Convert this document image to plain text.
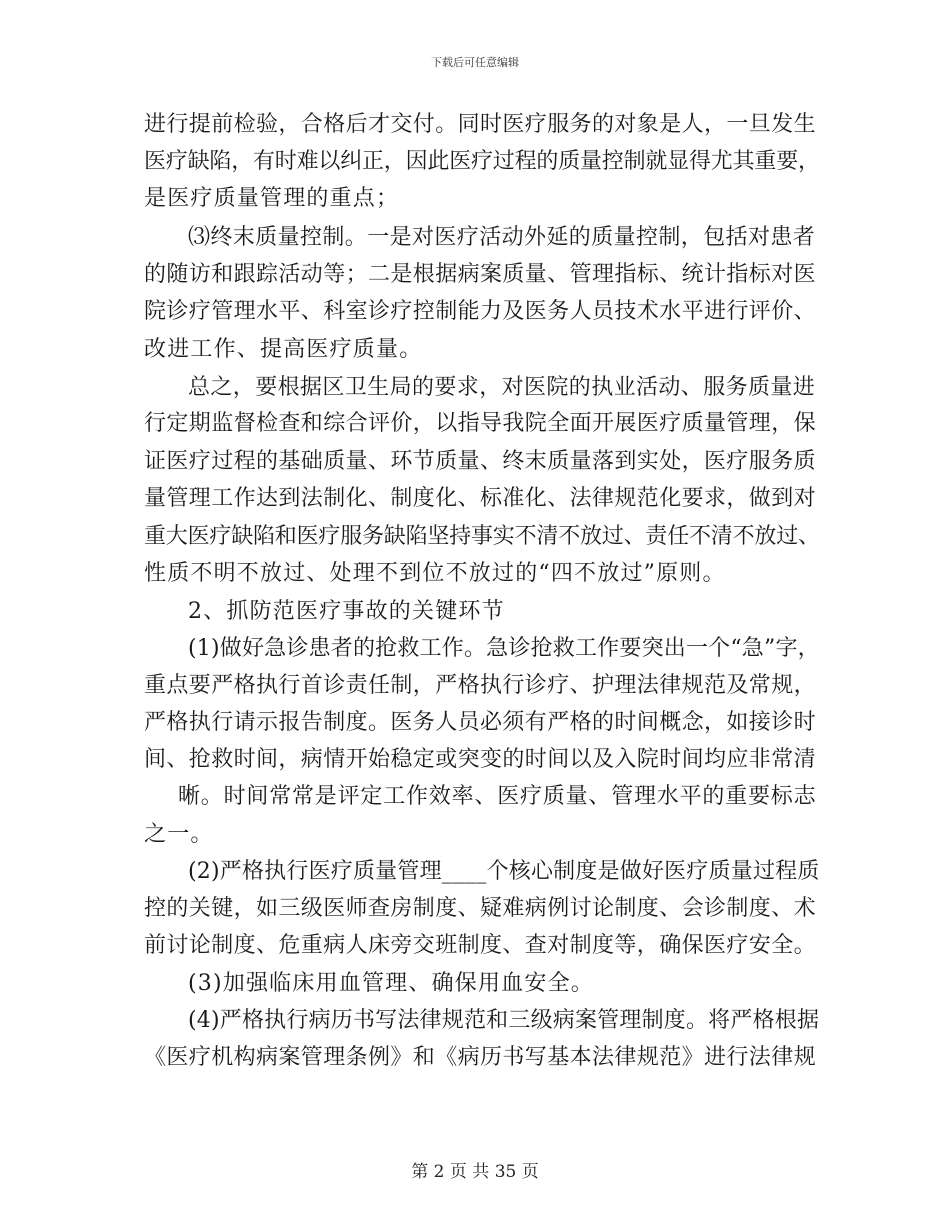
下载后可任意编辑
进行提前检验，合格后才交付。同时医疗服务的对象是人，一旦发生
医疗缺陷，有时难以纠正，因此医疗过程的质量控制就显得尤其重要，
是医疗质量管理的重点；
⑶终末质量控制。一是对医疗活动外延的质量控制，包括对患者
的随访和跟踪活动等；二是根据病案质量、管理指标、统计指标对医
院诊疗管理水平、科室诊疗控制能力及医务人员技术水平进行评价、
改进工作、提高医疗质量。
总之，要根据区卫生局的要求，对医院的执业活动、服务质量进
行定期监督检查和综合评价，以指导我院全面开展医疗质量管理，保
证医疗过程的基础质量、环节质量、终末质量落到实处，医疗服务质
量管理工作达到法制化、制度化、标准化、法律规范化要求，做到对
重大医疗缺陷和医疗服务缺陷坚持事实不清不放过、责任不清不放过、
性质不明不放过、处理不到位不放过的“四不放过”原则。
2、抓防范医疗事故的关键环节
(1)做好急诊患者的抢救工作。急诊抢救工作要突出一个“急”字，
重点要严格执行首诊责任制，严格执行诊疗、护理法律规范及常规，
严格执行请示报告制度。医务人员必须有严格的时间概念，如接诊时
间、抢救时间，病情开始稳定或突变的时间以及入院时间均应非常清
晰。时间常常是评定工作效率、医疗质量、管理水平的重要标志
之一。
(2)严格执行医疗质量管理____个核心制度是做好医疗质量过程质
控的关键，如三级医师查房制度、疑难病例讨论制度、会诊制度、术
前讨论制度、危重病人床旁交班制度、查对制度等，确保医疗安全。
(3)加强临床用血管理、确保用血安全。
(4)严格执行病历书写法律规范和三级病案管理制度。将严格根据
《医疗机构病案管理条例》和《病历书写基本法律规范》进行法律规
第 2 页 共 35 页
